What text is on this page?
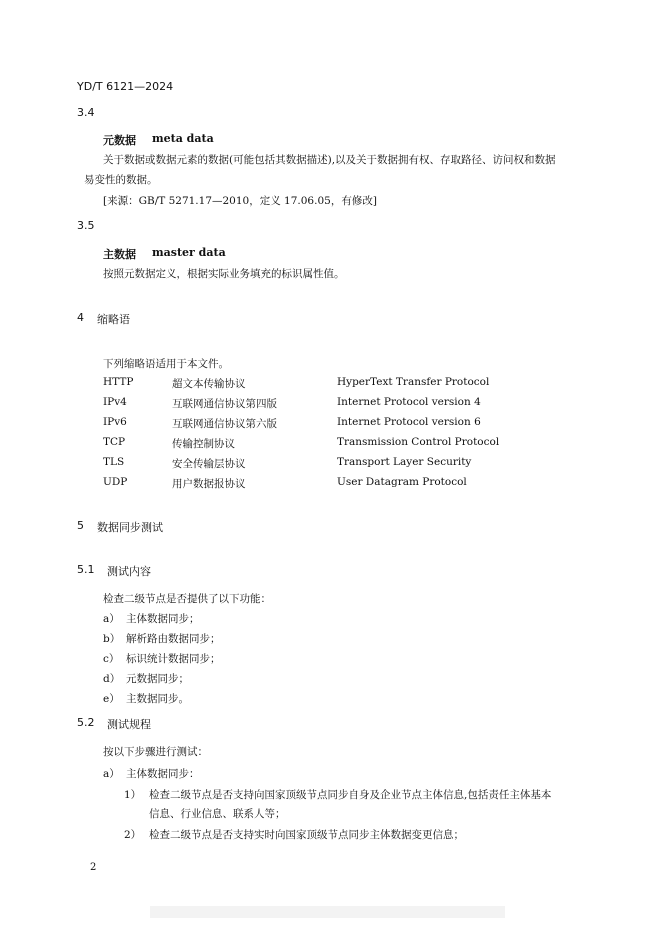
YD/T 6121—2024
3.4
元数据 meta data
关于数据或数据元素的数据(可能包括其数据描述),以及关于数据拥有权、存取路径、访问权和数据
易变性的数据。
[来源：GB/T 5271.17—2010，定义 17.06.05，有修改]
3.5
主数据 master data
按照元数据定义，根据实际业务填充的标识属性值。
4 缩略语
下列缩略语适用于本文件。
HTTP	超文本传输协议	HyperText Transfer Protocol
IPv4	互联网通信协议第四版	Internet Protocol version 4
IPv6	互联网通信协议第六版	Internet Protocol version 6
TCP	传输控制协议	Transmission Control Protocol
TLS	安全传输层协议	Transport Layer Security
UDP	用户数据报协议	User Datagram Protocol
5 数据同步测试
5.1 测试内容
检查二级节点是否提供了以下功能：
a） 主体数据同步；
b） 解析路由数据同步；
c） 标识统计数据同步；
d） 元数据同步；
e） 主数据同步。
5.2 测试规程
按以下步骤进行测试：
a） 主体数据同步：
1） 检查二级节点是否支持向国家顶级节点同步自身及企业节点主体信息,包括责任主体基本
信息、行业信息、联系人等；
2） 检查二级节点是否支持实时向国家顶级节点同步主体数据变更信息；
2
